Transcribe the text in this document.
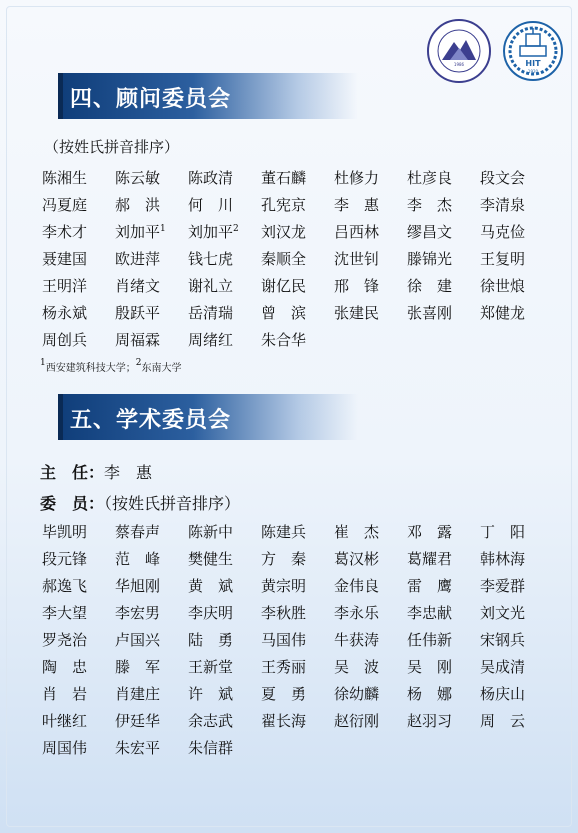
1986	HIT
1920
四、顾问委员会
（按姓氏拼音排序）
陈湘生	陈云敏	陈政清	董石麟	杜修力	杜彦良	段文会
冯夏庭	郝　洪	何　川	孔宪京	李　惠	李　杰	李清泉
李术才	刘加平$^1$	刘加平$^2$	刘汉龙	吕西林	缪昌文	马克俭
聂建国	欧进萍	钱七虎	秦顺全	沈世钊	滕锦光	王复明
王明洋	肖绪文	谢礼立	谢亿民	邢　锋	徐　建	徐世烺
杨永斌	殷跃平	岳清瑞	曾　滨	张建民	张喜刚	郑健龙
周创兵	周福霖	周绪红	朱合华
$^1$西安建筑科技大学；$^2$东南大学
五、学术委员会
主　任：李　惠
委　员：（按姓氏拼音排序）
毕凯明	蔡春声	陈新中	陈建兵	崔　杰	邓　露	丁　阳
段元锋	范　峰	樊健生	方　秦	葛汉彬	葛耀君	韩林海
郝逸飞	华旭刚	黄　斌	黄宗明	金伟良	雷　鹰	李爱群
李大望	李宏男	李庆明	李秋胜	李永乐	李忠献	刘文光
罗尧治	卢国兴	陆　勇	马国伟	牛获涛	任伟新	宋钢兵
陶　忠	滕　军	王新堂	王秀丽	吴　波	吴　刚	吴成清
肖　岩	肖建庄	许　斌	夏　勇	徐幼麟	杨　娜	杨庆山
叶继红	伊廷华	余志武	翟长海	赵衍刚	赵羽习	周　云
周国伟	朱宏平	朱信群
